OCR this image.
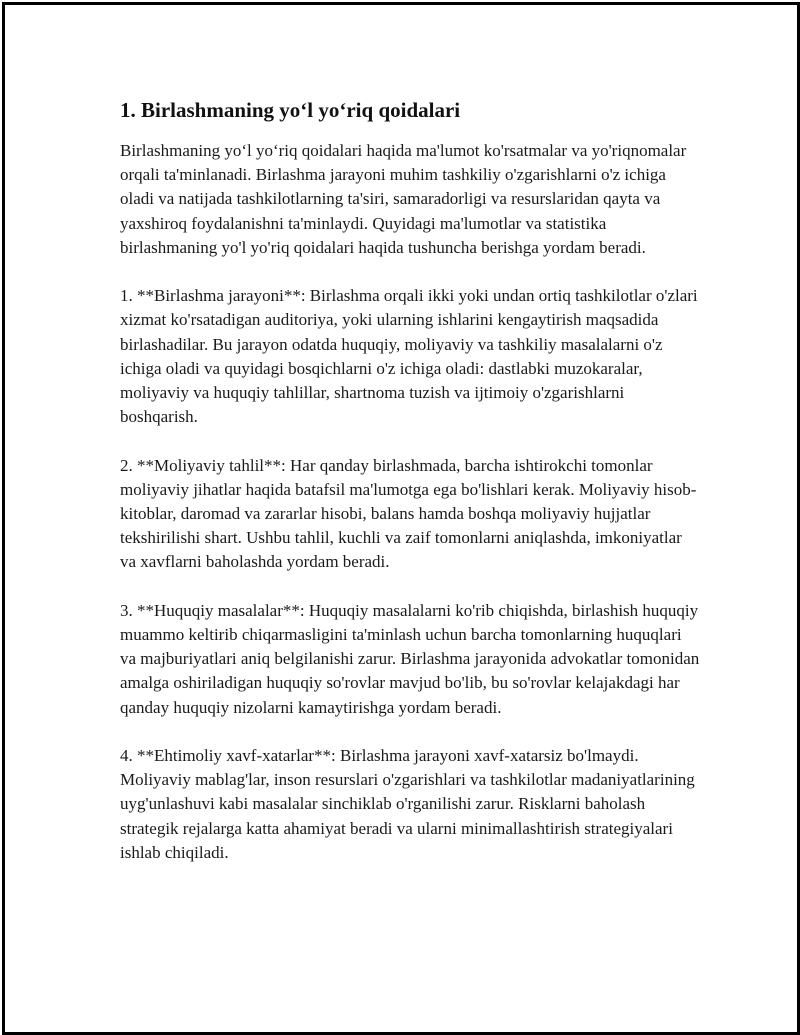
1. Birlashmaning yo‘l yo‘riq qoidalari

Birlashmaning yo‘l yo‘riq qoidalari haqida ma'lumot ko'rsatmalar va yo'riqnomalar orqali ta'minlanadi. Birlashma jarayoni muhim tashkiliy o'zgarishlarni o'z ichiga oladi va natijada tashkilotlarning ta'siri, samaradorligi va resurslaridan qayta va yaxshiroq foydalanishni ta'minlaydi. Quyidagi ma'lumotlar va statistika birlashmaning yo'l yo'riq qoidalari haqida tushuncha berishga yordam beradi.

1. **Birlashma jarayoni**: Birlashma orqali ikki yoki undan ortiq tashkilotlar o'zlari xizmat ko'rsatadigan auditoriya, yoki ularning ishlarini kengaytirish maqsadida birlashadilar. Bu jarayon odatda huquqiy, moliyaviy va tashkiliy masalalarni o'z ichiga oladi va quyidagi bosqichlarni o'z ichiga oladi: dastlabki muzokaralar, moliyaviy va huquqiy tahlillar, shartnoma tuzish va ijtimoiy o'zgarishlarni boshqarish.

2. **Moliyaviy tahlil**: Har qanday birlashmada, barcha ishtirokchi tomonlar moliyaviy jihatlar haqida batafsil ma'lumotga ega bo'lishlari kerak. Moliyaviy hisob-kitoblar, daromad va zararlar hisobi, balans hamda boshqa moliyaviy hujjatlar tekshirilishi shart. Ushbu tahlil, kuchli va zaif tomonlarni aniqlashda, imkoniyatlar va xavflarni baholashda yordam beradi.

3. **Huquqiy masalalar**: Huquqiy masalalarni ko'rib chiqishda, birlashish huquqiy muammo keltirib chiqarmasligini ta'minlash uchun barcha tomonlarning huquqlari va majburiyatlari aniq belgilanishi zarur. Birlashma jarayonida advokatlar tomonidan amalga oshiriladigan huquqiy so'rovlar mavjud bo'lib, bu so'rovlar kelajakdagi har qanday huquqiy nizolarni kamaytirishga yordam beradi.

4. **Ehtimoliy xavf-xatarlar**: Birlashma jarayoni xavf-xatarsiz bo'lmaydi. Moliyaviy mablag'lar, inson resurslari o'zgarishlari va tashkilotlar madaniyatlarining uyg'unlashuvi kabi masalalar sinchiklab o'rganilishi zarur. Risklarni baholash strategik rejalarga katta ahamiyat beradi va ularni minimallashtirish strategiyalari ishlab chiqiladi.
